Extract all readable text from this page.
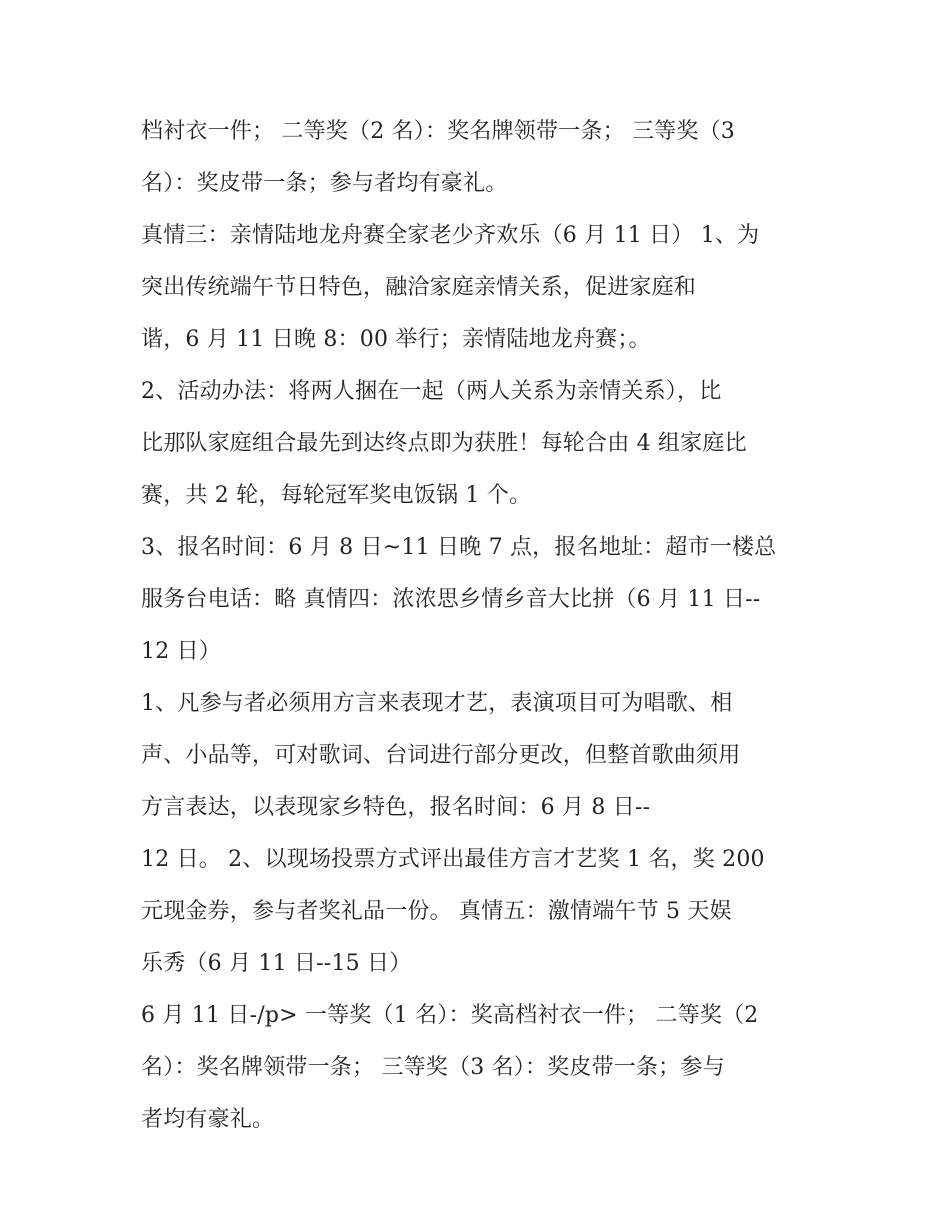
档衬衣一件； 二等奖（2 名）：奖名牌领带一条； 三等奖（3
名）：奖皮带一条；参与者均有豪礼。
真情三：亲情陆地龙舟赛全家老少齐欢乐（6 月 11 日） 1、为
突出传统端午节日特色，融洽家庭亲情关系，促进家庭和
谐，6 月 11 日晚 8：00 举行；亲情陆地龙舟赛；。
2、活动办法：将两人捆在一起（两人关系为亲情关系），比
比那队家庭组合最先到达终点即为获胜！每轮合由 4 组家庭比
赛，共 2 轮，每轮冠军奖电饭锅 1 个。
3、报名时间：6 月 8 日~11 日晚 7 点，报名地址：超市一楼总
服务台电话：略 真情四：浓浓思乡情乡音大比拼（6 月 11 日--
12 日）
1、凡参与者必须用方言来表现才艺，表演项目可为唱歌、相
声、小品等，可对歌词、台词进行部分更改，但整首歌曲须用
方言表达，以表现家乡特色，报名时间：6 月 8 日--
12 日。 2、以现场投票方式评出最佳方言才艺奖 1 名，奖 200
元现金券，参与者奖礼品一份。 真情五：激情端午节 5 天娱
乐秀（6 月 11 日--15 日）
6 月 11 日-/p> 一等奖（1 名）：奖高档衬衣一件； 二等奖（2
名）：奖名牌领带一条； 三等奖（3 名）：奖皮带一条；参与
者均有豪礼。
